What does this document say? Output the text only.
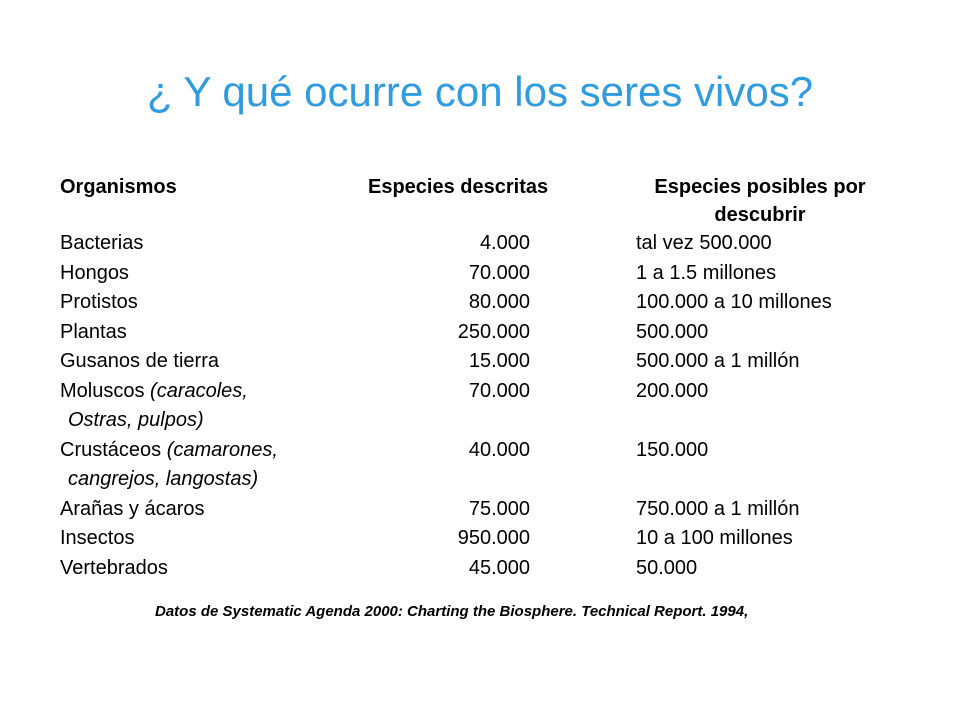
¿ Y qué ocurre con los seres vivos?
Organismos	Especies descritas	Especies posibles por
descubrir
Bacterias	4.000	tal vez 500.000
Hongos	70.000	1 a 1.5 millones
Protistos	80.000	100.000 a 10 millones
Plantas	250.000	500.000
Gusanos de tierra	15.000	500.000 a 1 millón
Moluscos (caracoles,
Ostras, pulpos)
70.000	200.000
Crustáceos (camarones,
cangrejos, langostas)
40.000	150.000
Arañas y ácaros	75.000	750.000 a 1 millón
Insectos	950.000	10 a 100 millones
Vertebrados	45.000	50.000
Datos de Systematic Agenda 2000: Charting the Biosphere. Technical Report. 1994,
